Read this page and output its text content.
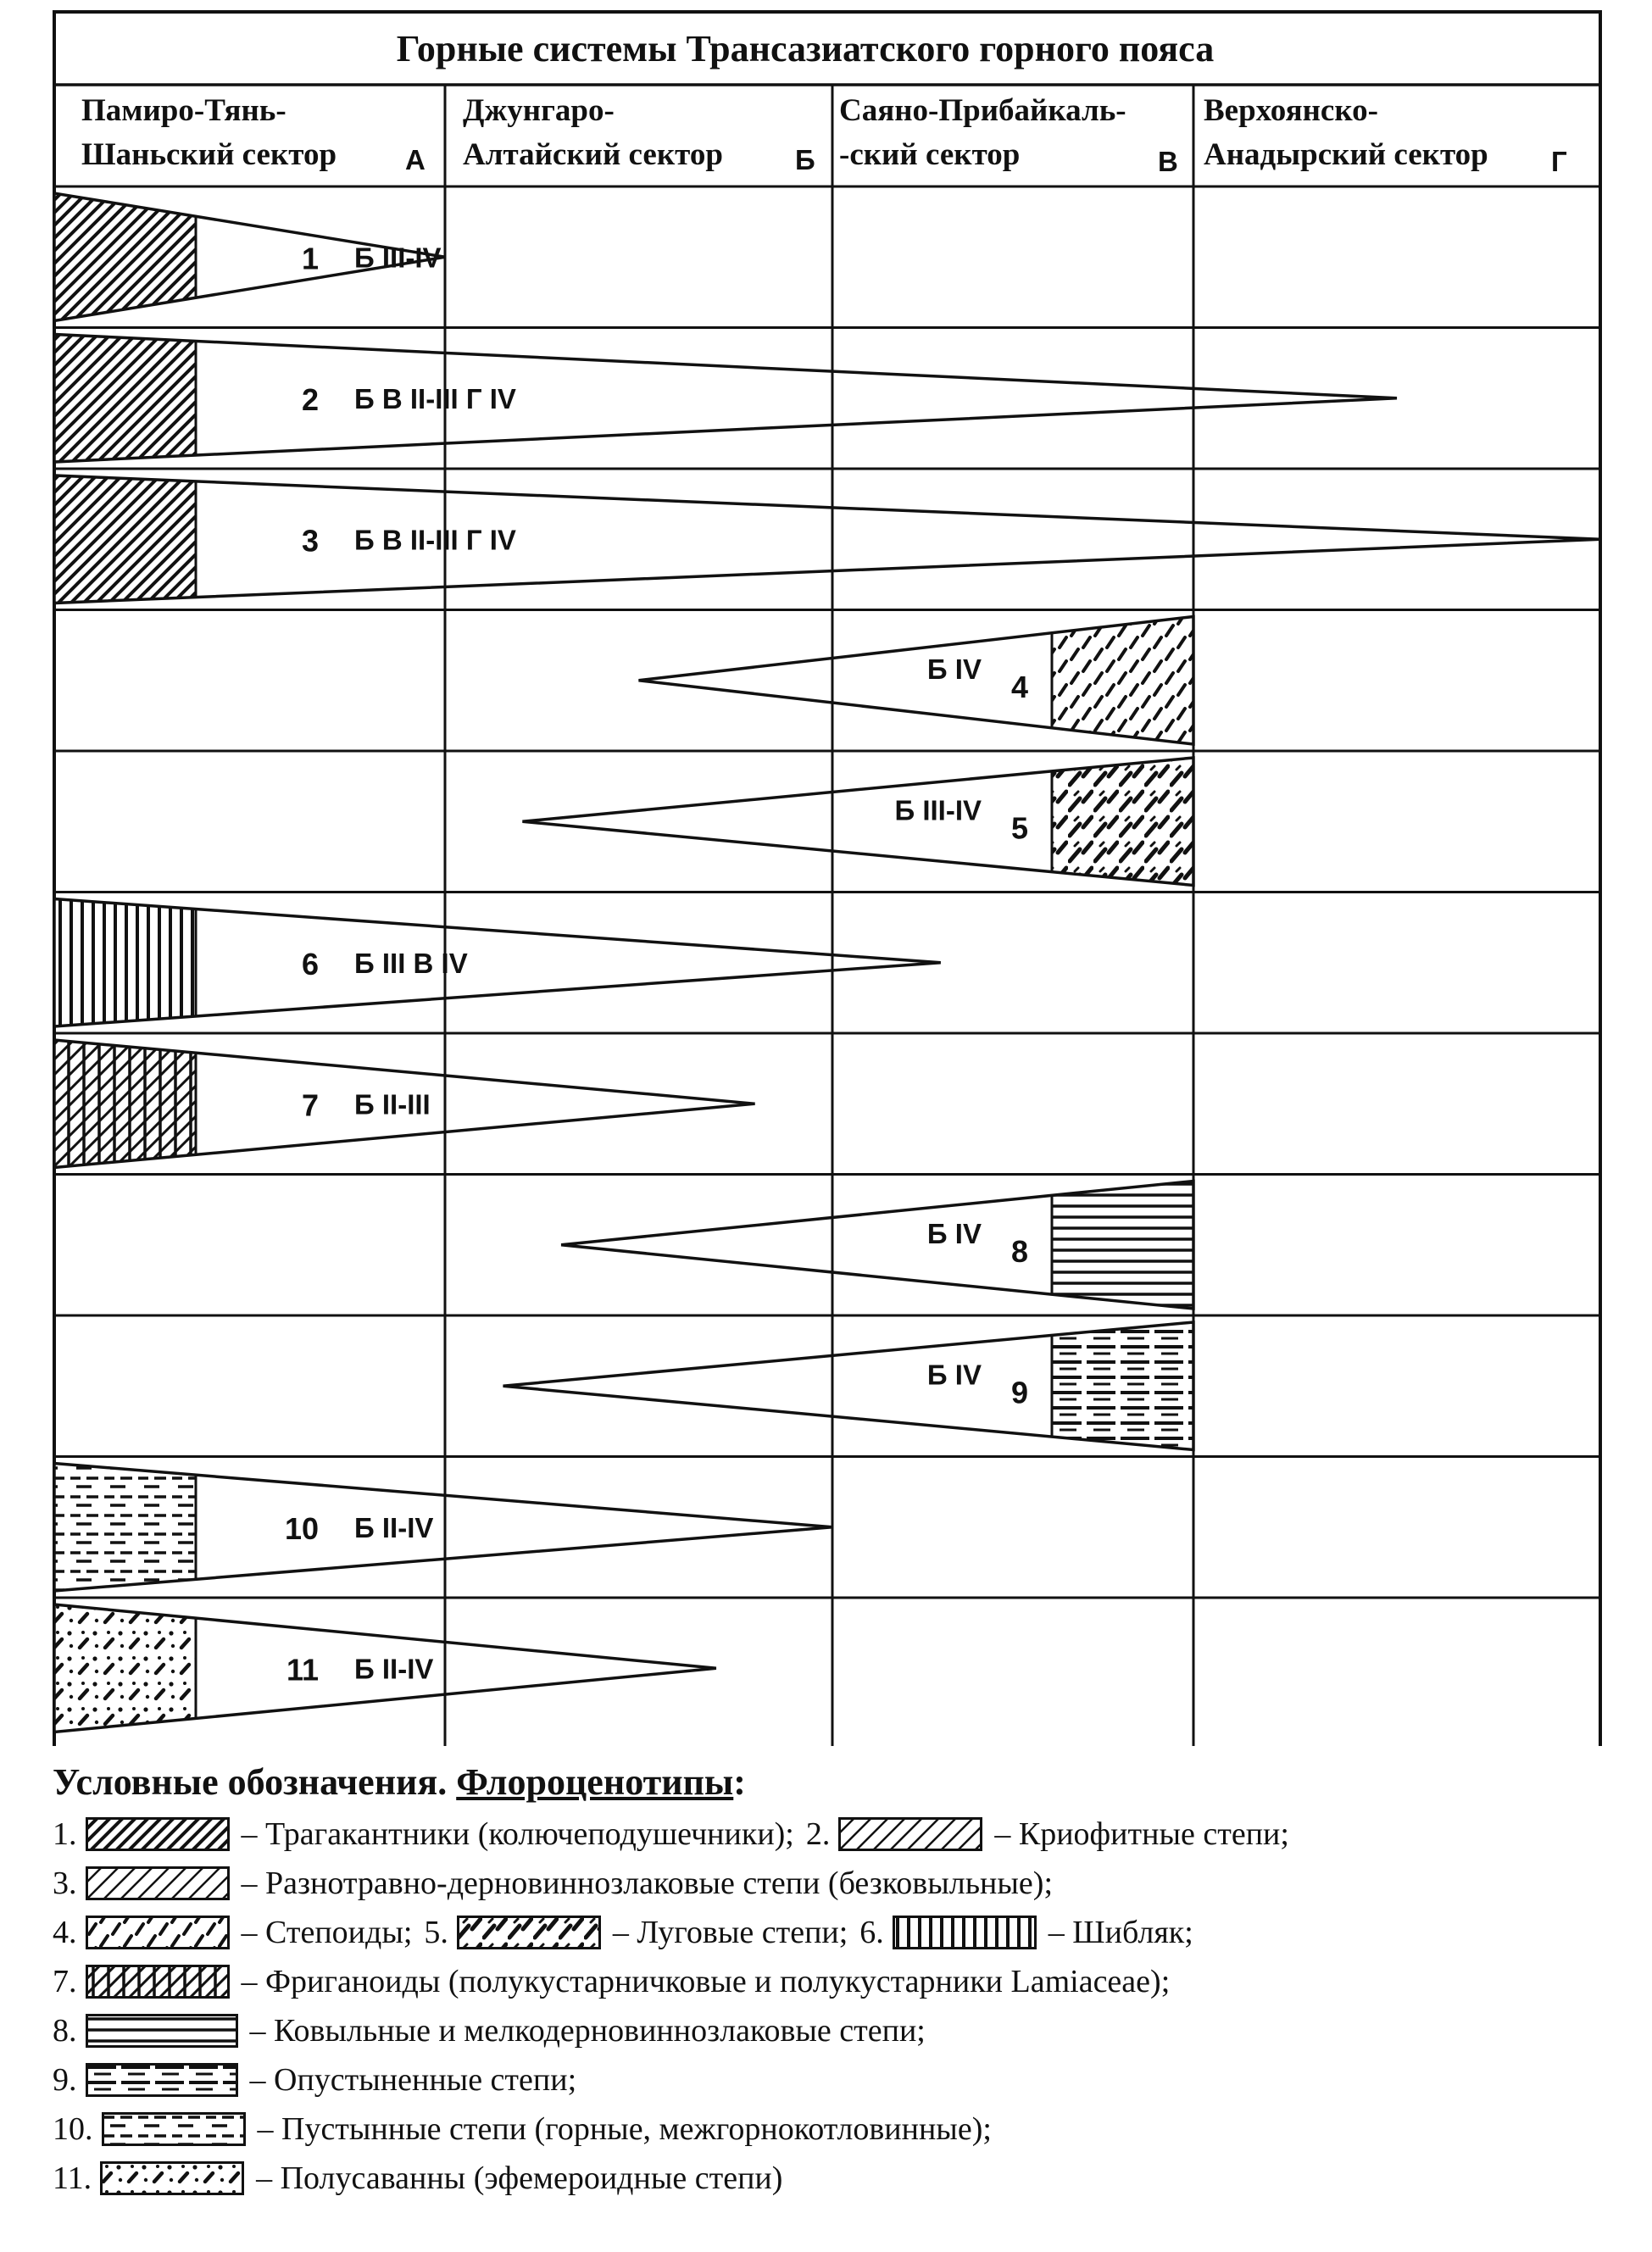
Горные системы Трансазиатского горного пояса
Памиро-Тянь-
Шаньский сектор А
Джунгаро-
Алтайский сектор	Б
Саяно-Прибайкаль-
-ский сектор	В
Верхоянско-
Анадырский сектор Г
1 Б III-IV
2 Б В II-III Г IV
3 Б В II-III Г IV
4
Б IV
5
Б III-IV
6 Б III В IV
7 Б II-III
8
Б IV
9
Б IV
10 Б II-IV
11 Б II-IV
Условные обозначения. Флороценотипы:
1.	– Трагакантники (колючеподушечники); 2.	– Криофитные степи;
3.	– Разнотравно-дерновиннозлаковые степи (безковыльные);
4.	– Степоиды; 5.	– Луговые степи; 6.	– Шибляк;
7.	– Фриганоиды (полукустарничковые и полукустарники Lamiaceae);
8.	– Ковыльные и мелкодерновиннозлаковые степи;
9.	– Опустыненные степи;
10.	– Пустынные степи (горные, межгорнокотловинные);
11.	– Полусаванны (эфемероидные степи)
